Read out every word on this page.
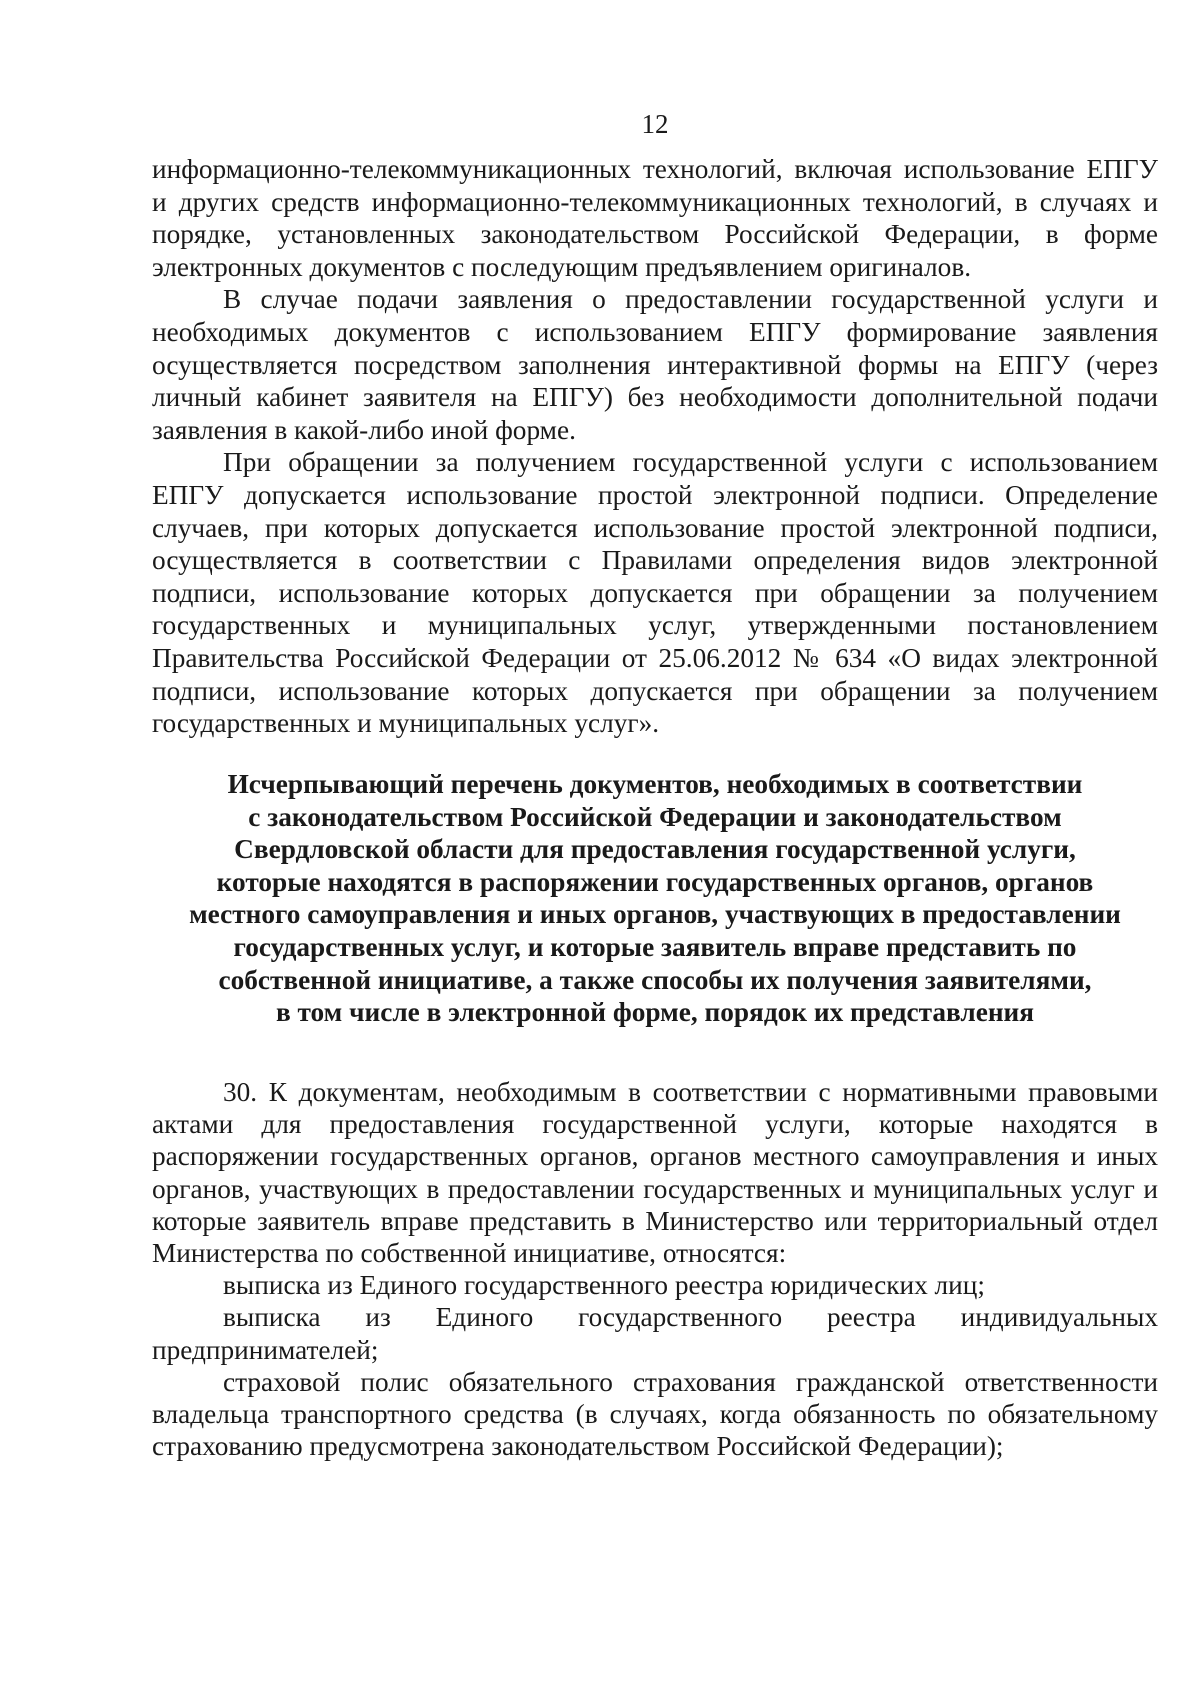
12

информационно-телекоммуникационных технологий, включая использование ЕПГУ и других средств информационно-телекоммуникационных технологий, в случаях и порядке, установленных законодательством Российской Федерации, в форме электронных документов с последующим предъявлением оригиналов.

В случае подачи заявления о предоставлении государственной услуги и необходимых документов с использованием ЕПГУ формирование заявления осуществляется посредством заполнения интерактивной формы на ЕПГУ (через личный кабинет заявителя на ЕПГУ) без необходимости дополнительной подачи заявления в какой-либо иной форме.

При обращении за получением государственной услуги с использованием ЕПГУ допускается использование простой электронной подписи. Определение случаев, при которых допускается использование простой электронной подписи, осуществляется в соответствии с Правилами определения видов электронной подписи, использование которых допускается при обращении за получением государственных и муниципальных услуг, утвержденными постановлением Правительства Российской Федерации от 25.06.2012 № 634 «О видах электронной подписи, использование которых допускается при обращении за получением государственных и муниципальных услуг».

Исчерпывающий перечень документов, необходимых в соответствии
с законодательством Российской Федерации и законодательством
Свердловской области для предоставления государственной услуги,
которые находятся в распоряжении государственных органов, органов
местного самоуправления и иных органов, участвующих в предоставлении
государственных услуг, и которые заявитель вправе представить по
собственной инициативе, а также способы их получения заявителями,
в том числе в электронной форме, порядок их представления

30. К документам, необходимым в соответствии с нормативными правовыми актами для предоставления государственной услуги, которые находятся в распоряжении государственных органов, органов местного самоуправления и иных органов, участвующих в предоставлении государственных и муниципальных услуг и которые заявитель вправе представить в Министерство или территориальный отдел Министерства по собственной инициативе, относятся:

выписка из Единого государственного реестра юридических лиц;

выписка из Единого государственного реестра индивидуальных предпринимателей;

страховой полис обязательного страхования гражданской ответственности владельца транспортного средства (в случаях, когда обязанность по обязательному страхованию предусмотрена законодательством Российской Федерации);
